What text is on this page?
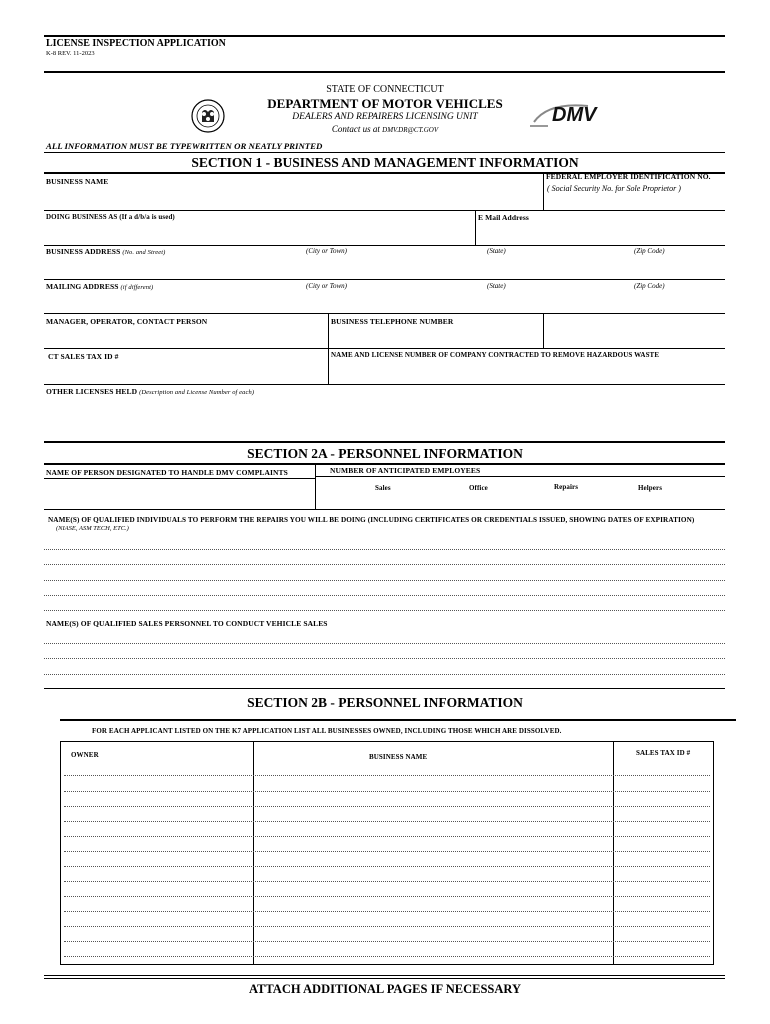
LICENSE INSPECTION APPLICATION
K-8 REV. 11-2023
STATE OF CONNECTICUT
DEPARTMENT OF MOTOR VEHICLES
DEALERS AND REPAIRERS LICENSING UNIT
Contact us at DMV.DR@CT.GOV
DMV
ALL INFORMATION MUST BE TYPEWRITTEN OR NEATLY PRINTED
SECTION 1 - BUSINESS AND MANAGEMENT INFORMATION
BUSINESS NAME
FEDERAL EMPLOYER IDENTIFICATION NO.
( Social Security No. for Sole Proprietor )
DOING BUSINESS AS (If a d/b/a is used)	E Mail Address
BUSINESS ADDRESS (No. and Street)	(City or Town)	(State)	(Zip Code)
MAILING ADDRESS (if different)	(City or Town)	(State)	(Zip Code)
MANAGER, OPERATOR, CONTACT PERSON	BUSINESS TELEPHONE NUMBER
CT SALES TAX ID #	NAME AND LICENSE NUMBER OF COMPANY CONTRACTED TO REMOVE HAZARDOUS WASTE
OTHER LICENSES HELD (Description and License Number of each)
SECTION 2A - PERSONNEL INFORMATION
NAME OF PERSON DESIGNATED TO HANDLE DMV COMPLAINTS	NUMBER OF ANTICIPATED EMPLOYEES
Sales	Office	Repairs	Helpers
NAME(S) OF QUALIFIED INDIVIDUALS TO PERFORM THE REPAIRS YOU WILL BE DOING (INCLUDING CERTIFICATES OR CREDENTIALS ISSUED, SHOWING DATES OF EXPIRATION)
(NIASE, ASM TECH, ETC.)
NAME(S) OF QUALIFIED SALES PERSONNEL TO CONDUCT VEHICLE SALES
SECTION 2B - PERSONNEL INFORMATION
FOR EACH APPLICANT LISTED ON THE K7 APPLICATION LIST ALL BUSINESSES OWNED, INCLUDING THOSE WHICH ARE DISSOLVED.
OWNER	BUSINESS NAME	SALES TAX ID #
ATTACH ADDITIONAL PAGES IF NECESSARY
